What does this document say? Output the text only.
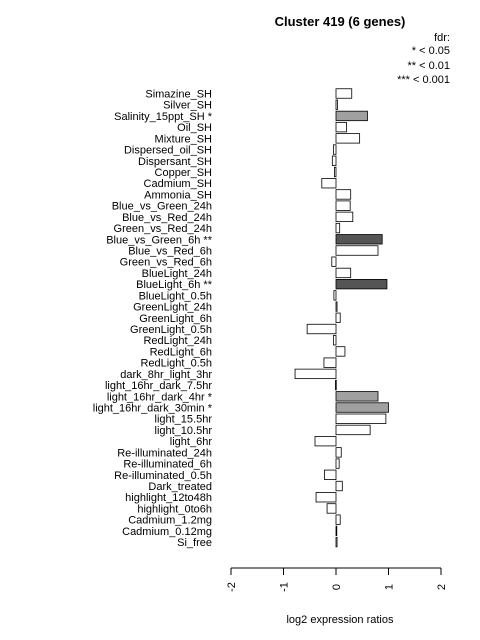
Cluster 419 (6 genes)
fdr:
* < 0.05
** < 0.01
*** < 0.001
Simazine_SH
Silver_SH
Salinity_15ppt_SH *
Oil_SH
Mixture_SH
Dispersed_oil_SH
Dispersant_SH
Copper_SH
Cadmium_SH
Ammonia_SH
Blue_vs_Green_24h
Blue_vs_Red_24h
Green_vs_Red_24h
Blue_vs_Green_6h **
Blue_vs_Red_6h
Green_vs_Red_6h
BlueLight_24h
BlueLight_6h **
BlueLight_0.5h
GreenLight_24h
GreenLight_6h
GreenLight_0.5h
RedLight_24h
RedLight_6h
RedLight_0.5h
dark_8hr_light_3hr
light_16hr_dark_7.5hr
light_16hr_dark_4hr *
light_16hr_dark_30min *
light_15.5hr
light_10.5hr
light_6hr
Re-illuminated_24h
Re-illuminated_6h
Re-illuminated_0.5h
Dark_treated
highlight_12to48h
highlight_0to6h
Cadmium_1.2mg
Cadmium_0.12mg
Si_free
-2	-1	0	1	2
log2 expression ratios
